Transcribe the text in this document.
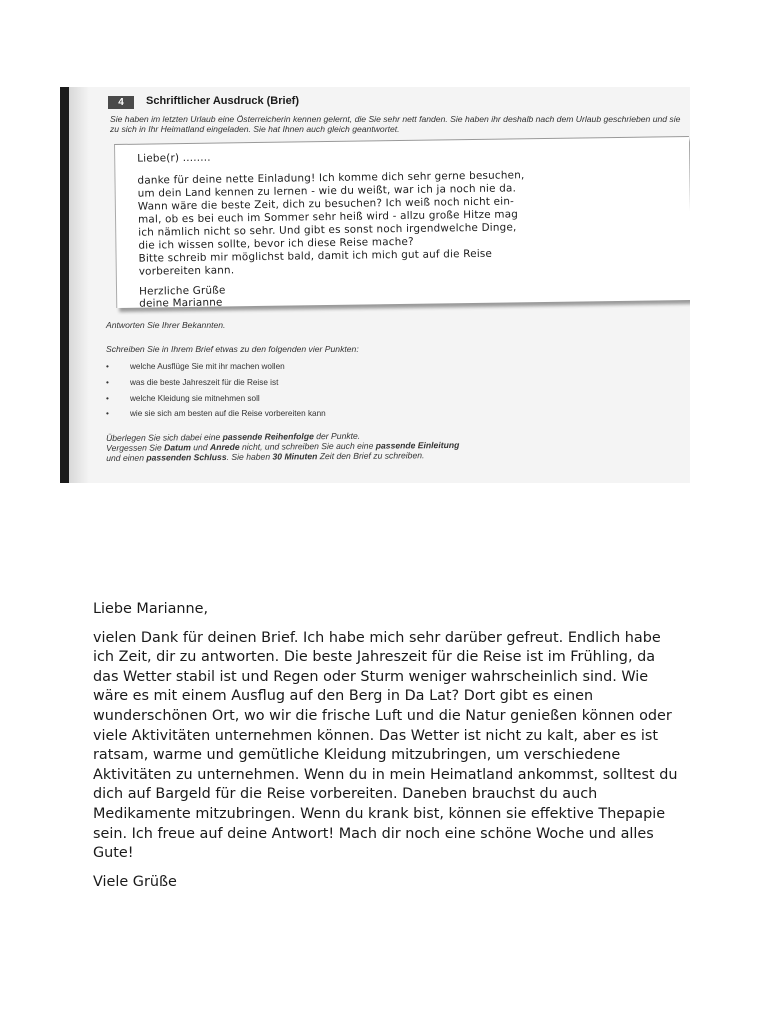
4	Schriftlicher Ausdruck (Brief)
Sie haben im letzten Urlaub eine Österreicherin kennen gelernt, die Sie sehr nett fanden. Sie haben ihr deshalb nach dem Urlaub geschrieben und sie zu sich in Ihr Heimatland eingeladen. Sie hat Ihnen auch gleich geantwortet.
Liebe(r) ........
danke für deine nette Einladung! Ich komme dich sehr gerne besuchen,
um dein Land kennen zu lernen - wie du weißt, war ich ja noch nie da.
Wann wäre die beste Zeit, dich zu besuchen? Ich weiß noch nicht ein-
mal, ob es bei euch im Sommer sehr heiß wird - allzu große Hitze mag
ich nämlich nicht so sehr. Und gibt es sonst noch irgendwelche Dinge,
die ich wissen sollte, bevor ich diese Reise mache?
Bitte schreib mir möglichst bald, damit ich mich gut auf die Reise
vorbereiten kann.
Herzliche Grüße
deine Marianne
Antworten Sie Ihrer Bekannten.
Schreiben Sie in Ihrem Brief etwas zu den folgenden vier Punkten:
•	welche Ausflüge Sie mit ihr machen wollen
•	was die beste Jahreszeit für die Reise ist
•	welche Kleidung sie mitnehmen soll
•	wie sie sich am besten auf die Reise vorbereiten kann
Überlegen Sie sich dabei eine passende Reihenfolge der Punkte.
Vergessen Sie Datum und Anrede nicht, und schreiben Sie auch eine passende Einleitung
und einen passenden Schluss. Sie haben 30 Minuten Zeit den Brief zu schreiben.

Liebe Marianne,

vielen Dank für deinen Brief. Ich habe mich sehr darüber gefreut. Endlich habe ich Zeit, dir zu antworten. Die beste Jahreszeit für die Reise ist im Frühling, da das Wetter stabil ist und Regen oder Sturm weniger wahrscheinlich sind. Wie wäre es mit einem Ausflug auf den Berg in Da Lat? Dort gibt es einen wunderschönen Ort, wo wir die frische Luft und die Natur genießen können oder viele Aktivitäten unternehmen können. Das Wetter ist nicht zu kalt, aber es ist ratsam, warme und gemütliche Kleidung mitzubringen, um verschiedene Aktivitäten zu unternehmen. Wenn du in mein Heimatland ankommst, solltest du dich auf Bargeld für die Reise vorbereiten. Daneben brauchst du auch Medikamente mitzubringen. Wenn du krank bist, können sie effektive Thepapie sein. Ich freue auf deine Antwort! Mach dir noch eine schöne Woche und alles Gute!

Viele Grüße
